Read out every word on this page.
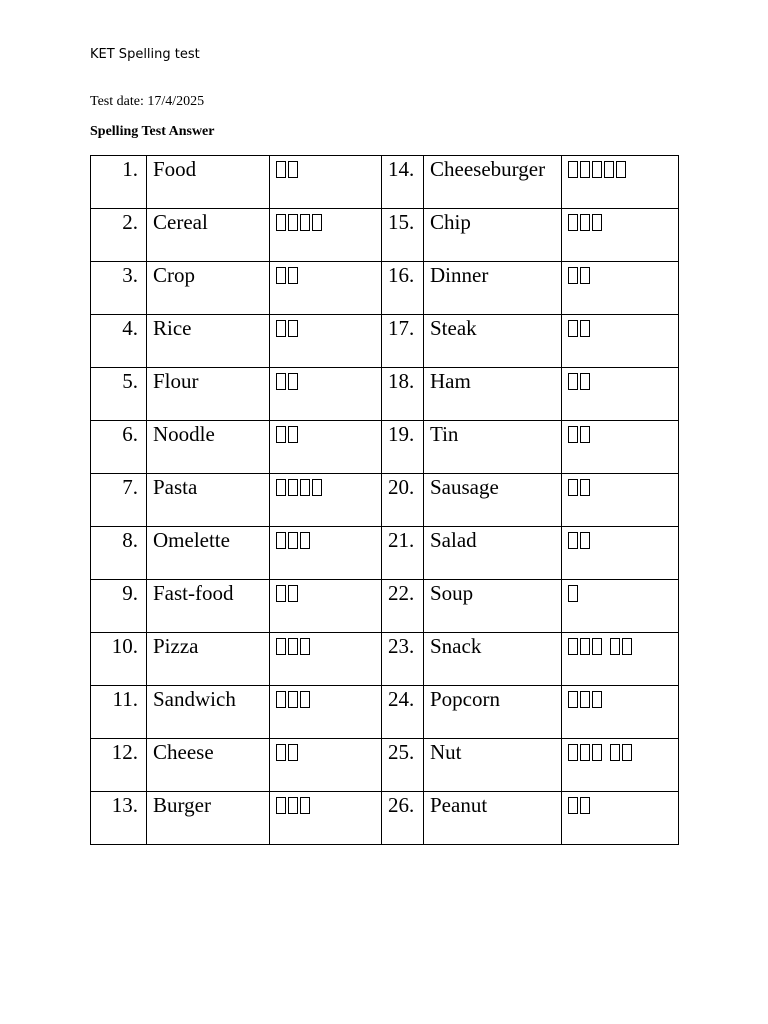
KET Spelling test
Test date: 17/4/2025
Spelling Test Answer
1.	Food		14.	Cheeseburger	
2.	Cereal		15.	Chip	
3.	Crop		16.	Dinner	
4.	Rice		17.	Steak	
5.	Flour		18.	Ham	
6.	Noodle		19.	Tin	
7.	Pasta		20.	Sausage	
8.	Omelette		21.	Salad	
9.	Fast-food		22.	Soup	
10.	Pizza		23.	Snack	
11.	Sandwich		24.	Popcorn	
12.	Cheese		25.	Nut	
13.	Burger		26.	Peanut	
